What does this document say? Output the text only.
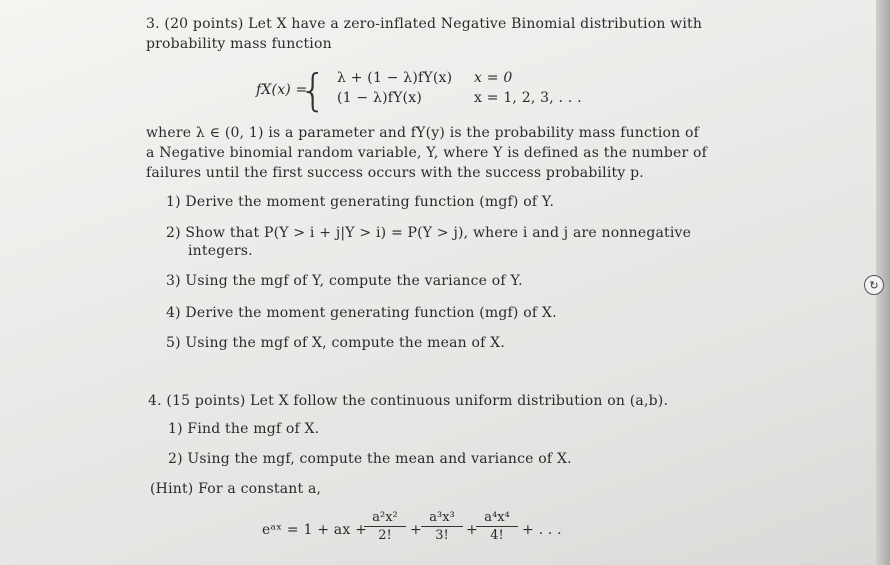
3. (20 points) Let X have a zero-inflated Negative Binomial distribution with
probability mass function
fX(x) =
{ λ + (1 − λ)fY(x) x = 0
(1 − λ)fY(x)	x = 1, 2, 3, . . .
where λ ∈ (0, 1) is a parameter and fY(y) is the probability mass function of
a Negative binomial random variable, Y, where Y is defined as the number of
failures until the first success occurs with the success probability p.
1) Derive the moment generating function (mgf) of Y.
2) Show that P(Y > i + j|Y > i) = P(Y > j), where i and j are nonnegative
integers.
3) Using the mgf of Y, compute the variance of Y.
4) Derive the moment generating function (mgf) of X.
5) Using the mgf of X, compute the mean of X.
4. (15 points) Let X follow the continuous uniform distribution on (a,b).
1) Find the mgf of X.
2) Using the mgf, compute the mean and variance of X.
(Hint) For a constant a,
eᵃˣ = 1 + ax +
$\frac{\text{a²x²}}{2!} + \frac{\text{a³x³}}{3!}$ +
$\frac{\text{a⁴x⁴}}{4!}$ + . . .
↻
